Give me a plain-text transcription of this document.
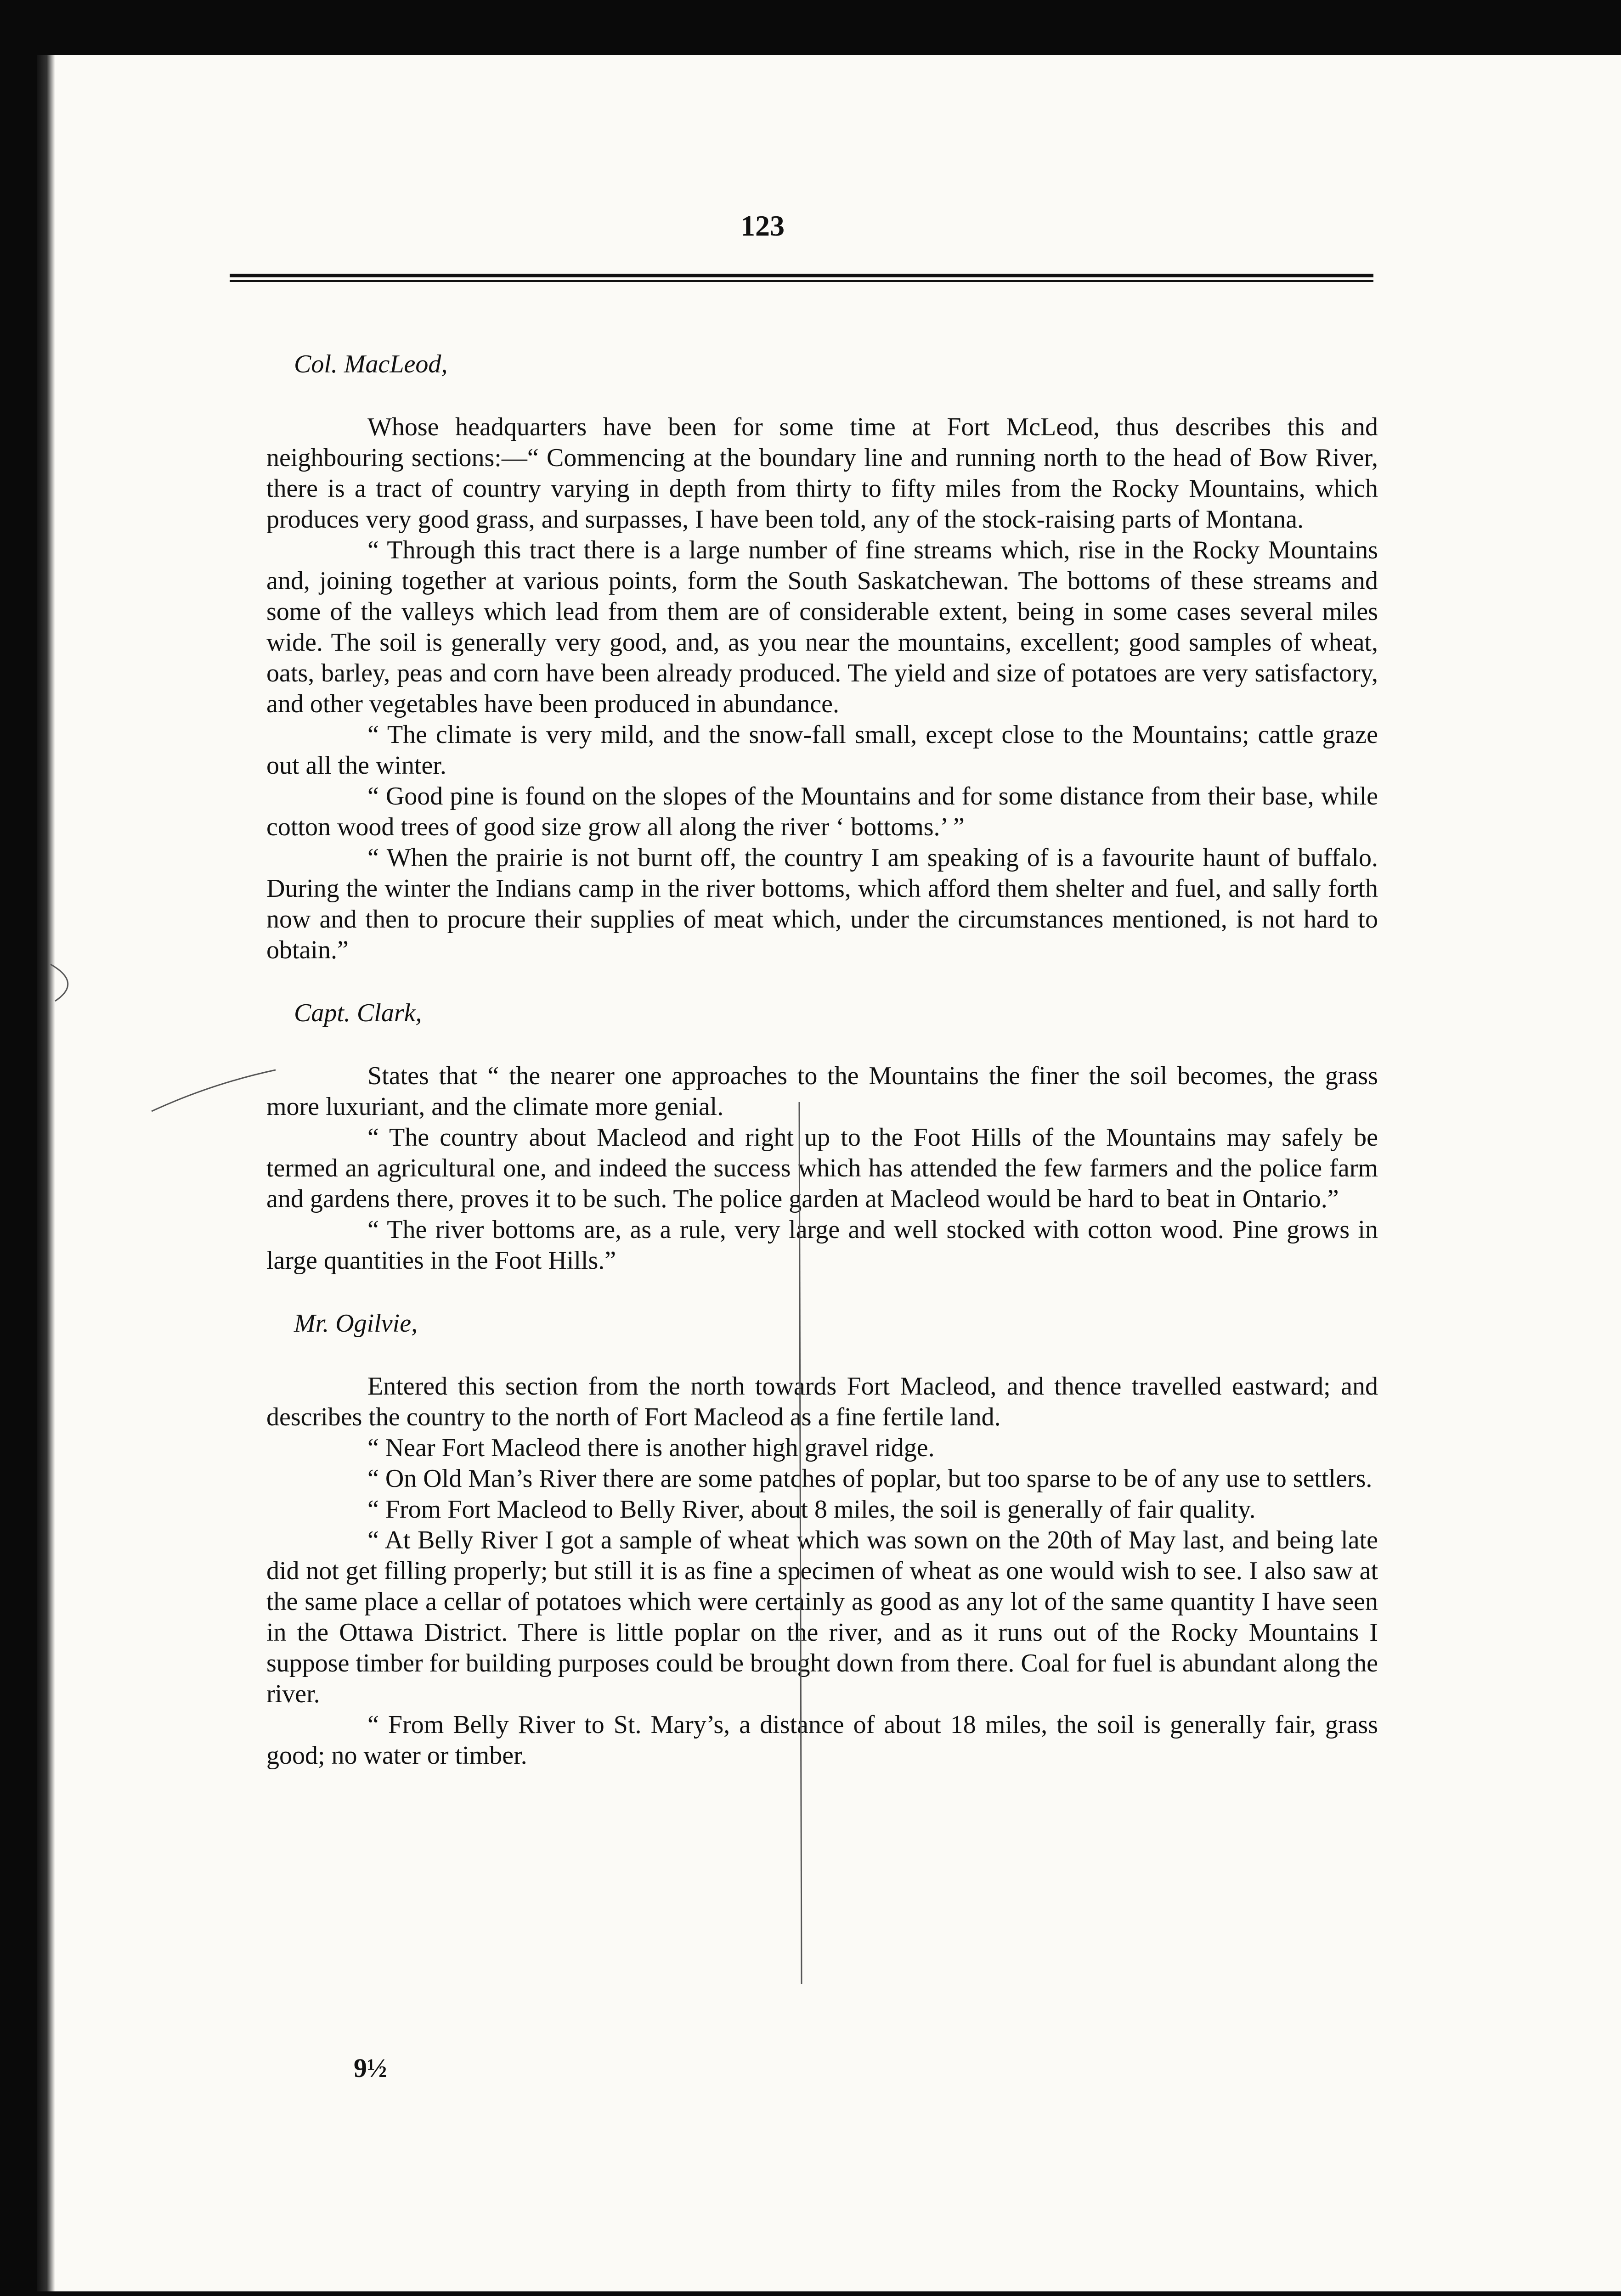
123

Col. MacLeod,

Whose headquarters have been for some time at Fort McLeod, thus describes this and neighbouring sections:—“ Commencing at the boundary line and running north to the head of Bow River, there is a tract of country varying in depth from thirty to fifty miles from the Rocky Mountains, which produces very good grass, and surpasses, I have been told, any of the stock-raising parts of Montana.

“ Through this tract there is a large number of fine streams which, rise in the Rocky Mountains and, joining together at various points, form the South Saskatchewan. The bottoms of these streams and some of the valleys which lead from them are of considerable extent, being in some cases several miles wide. The soil is generally very good, and, as you near the mountains, excellent; good samples of wheat, oats, barley, peas and corn have been already produced. The yield and size of potatoes are very satisfactory, and other vegetables have been produced in abundance.

“ The climate is very mild, and the snow-fall small, except close to the Mountains; cattle graze out all the winter.

“ Good pine is found on the slopes of the Mountains and for some distance from their base, while cotton wood trees of good size grow all along the river ‘ bottoms.’ ”

“ When the prairie is not burnt off, the country I am speaking of is a favourite haunt of buffalo. During the winter the Indians camp in the river bottoms, which afford them shelter and fuel, and sally forth now and then to procure their supplies of meat which, under the circumstances mentioned, is not hard to obtain.”

Capt. Clark,

States that “ the nearer one approaches to the Mountains the finer the soil becomes, the grass more luxuriant, and the climate more genial.

“ The country about Macleod and right up to the Foot Hills of the Mountains may safely be termed an agricultural one, and indeed the success which has attended the few farmers and the police farm and gardens there, proves it to be such. The police garden at Macleod would be hard to beat in Ontario.”

“ The river bottoms are, as a rule, very large and well stocked with cotton wood. Pine grows in large quantities in the Foot Hills.”

Mr. Ogilvie,

Entered this section from the north towards Fort Macleod, and thence travelled eastward; and describes the country to the north of Fort Macleod as a fine fertile land.

“ Near Fort Macleod there is another high gravel ridge.

“ On Old Man’s River there are some patches of poplar, but too sparse to be of any use to settlers.

“ From Fort Macleod to Belly River, about 8 miles, the soil is generally of fair quality.

“ At Belly River I got a sample of wheat which was sown on the 20th of May last, and being late did not get filling properly; but still it is as fine a specimen of wheat as one would wish to see. I also saw at the same place a cellar of potatoes which were certainly as good as any lot of the same quantity I have seen in the Ottawa District. There is little poplar on the river, and as it runs out of the Rocky Mountains I suppose timber for building purposes could be brought down from there. Coal for fuel is abundant along the river.

“ From Belly River to St. Mary’s, a distance of about 18 miles, the soil is generally fair, grass good; no water or timber.

9½
